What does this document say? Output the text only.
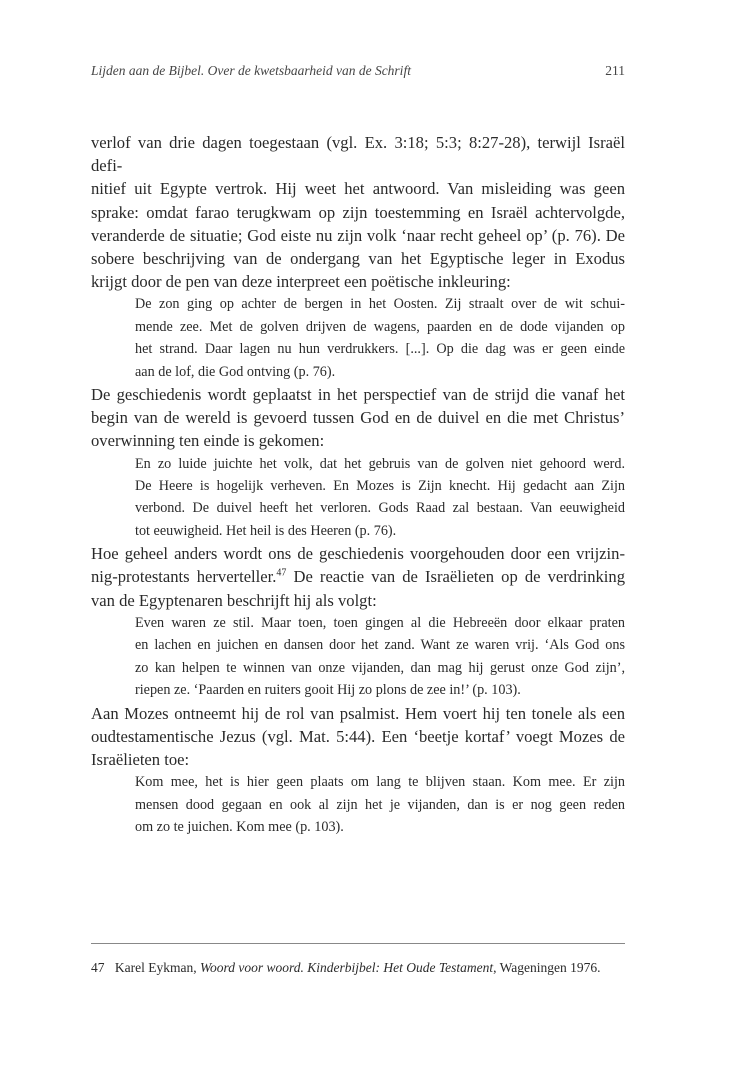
Lijden aan de Bijbel. Over de kwetsbaarheid van de Schrift	211

verlof van drie dagen toegestaan (vgl. Ex. 3:18; 5:3; 8:27-28), terwijl Israël defi-
nitief uit Egypte vertrok. Hij weet het antwoord. Van misleiding was geen
sprake: omdat farao terugkwam op zijn toestemming en Israël achtervolgde,
veranderde de situatie; God eiste nu zijn volk ‘naar recht geheel op’ (p. 76). De
sobere beschrijving van de ondergang van het Egyptische leger in Exodus
krijgt door de pen van deze interpreet een poëtische inkleuring:

De zon ging op achter de bergen in het Oosten. Zij straalt over de wit schui-
mende zee. Met de golven drijven de wagens, paarden en de dode vijanden op
het strand. Daar lagen nu hun verdrukkers. [...]. Op die dag was er geen einde
aan de lof, die God ontving (p. 76).

De geschiedenis wordt geplaatst in het perspectief van de strijd die vanaf het
begin van de wereld is gevoerd tussen God en de duivel en die met Christus’
overwinning ten einde is gekomen:

En zo luide juichte het volk, dat het gebruis van de golven niet gehoord werd.
De Heere is hogelijk verheven. En Mozes is Zijn knecht. Hij gedacht aan Zijn
verbond. De duivel heeft het verloren. Gods Raad zal bestaan. Van eeuwigheid
tot eeuwigheid. Het heil is des Heeren (p. 76).

Hoe geheel anders wordt ons de geschiedenis voorgehouden door een vrijzin-
nig-protestants herverteller.$^{47}$ De reactie van de Israëlieten op de verdrinking
van de Egyptenaren beschrijft hij als volgt:

Even waren ze stil. Maar toen, toen gingen al die Hebreeën door elkaar praten
en lachen en juichen en dansen door het zand. Want ze waren vrij. ‘Als God ons
zo kan helpen te winnen van onze vijanden, dan mag hij gerust onze God zijn’,
riepen ze. ‘Paarden en ruiters gooit Hij zo plons de zee in!’ (p. 103).

Aan Mozes ontneemt hij de rol van psalmist. Hem voert hij ten tonele als een
oudtestamentische Jezus (vgl. Mat. 5:44). Een ‘beetje kortaf’ voegt Mozes de
Israëlieten toe:

Kom mee, het is hier geen plaats om lang te blijven staan. Kom mee. Er zijn
mensen dood gegaan en ook al zijn het je vijanden, dan is er nog geen reden
om zo te juichen. Kom mee (p. 103).
47 Karel Eykman, Woord voor woord. Kinderbijbel: Het Oude Testament, Wageningen 1976.
